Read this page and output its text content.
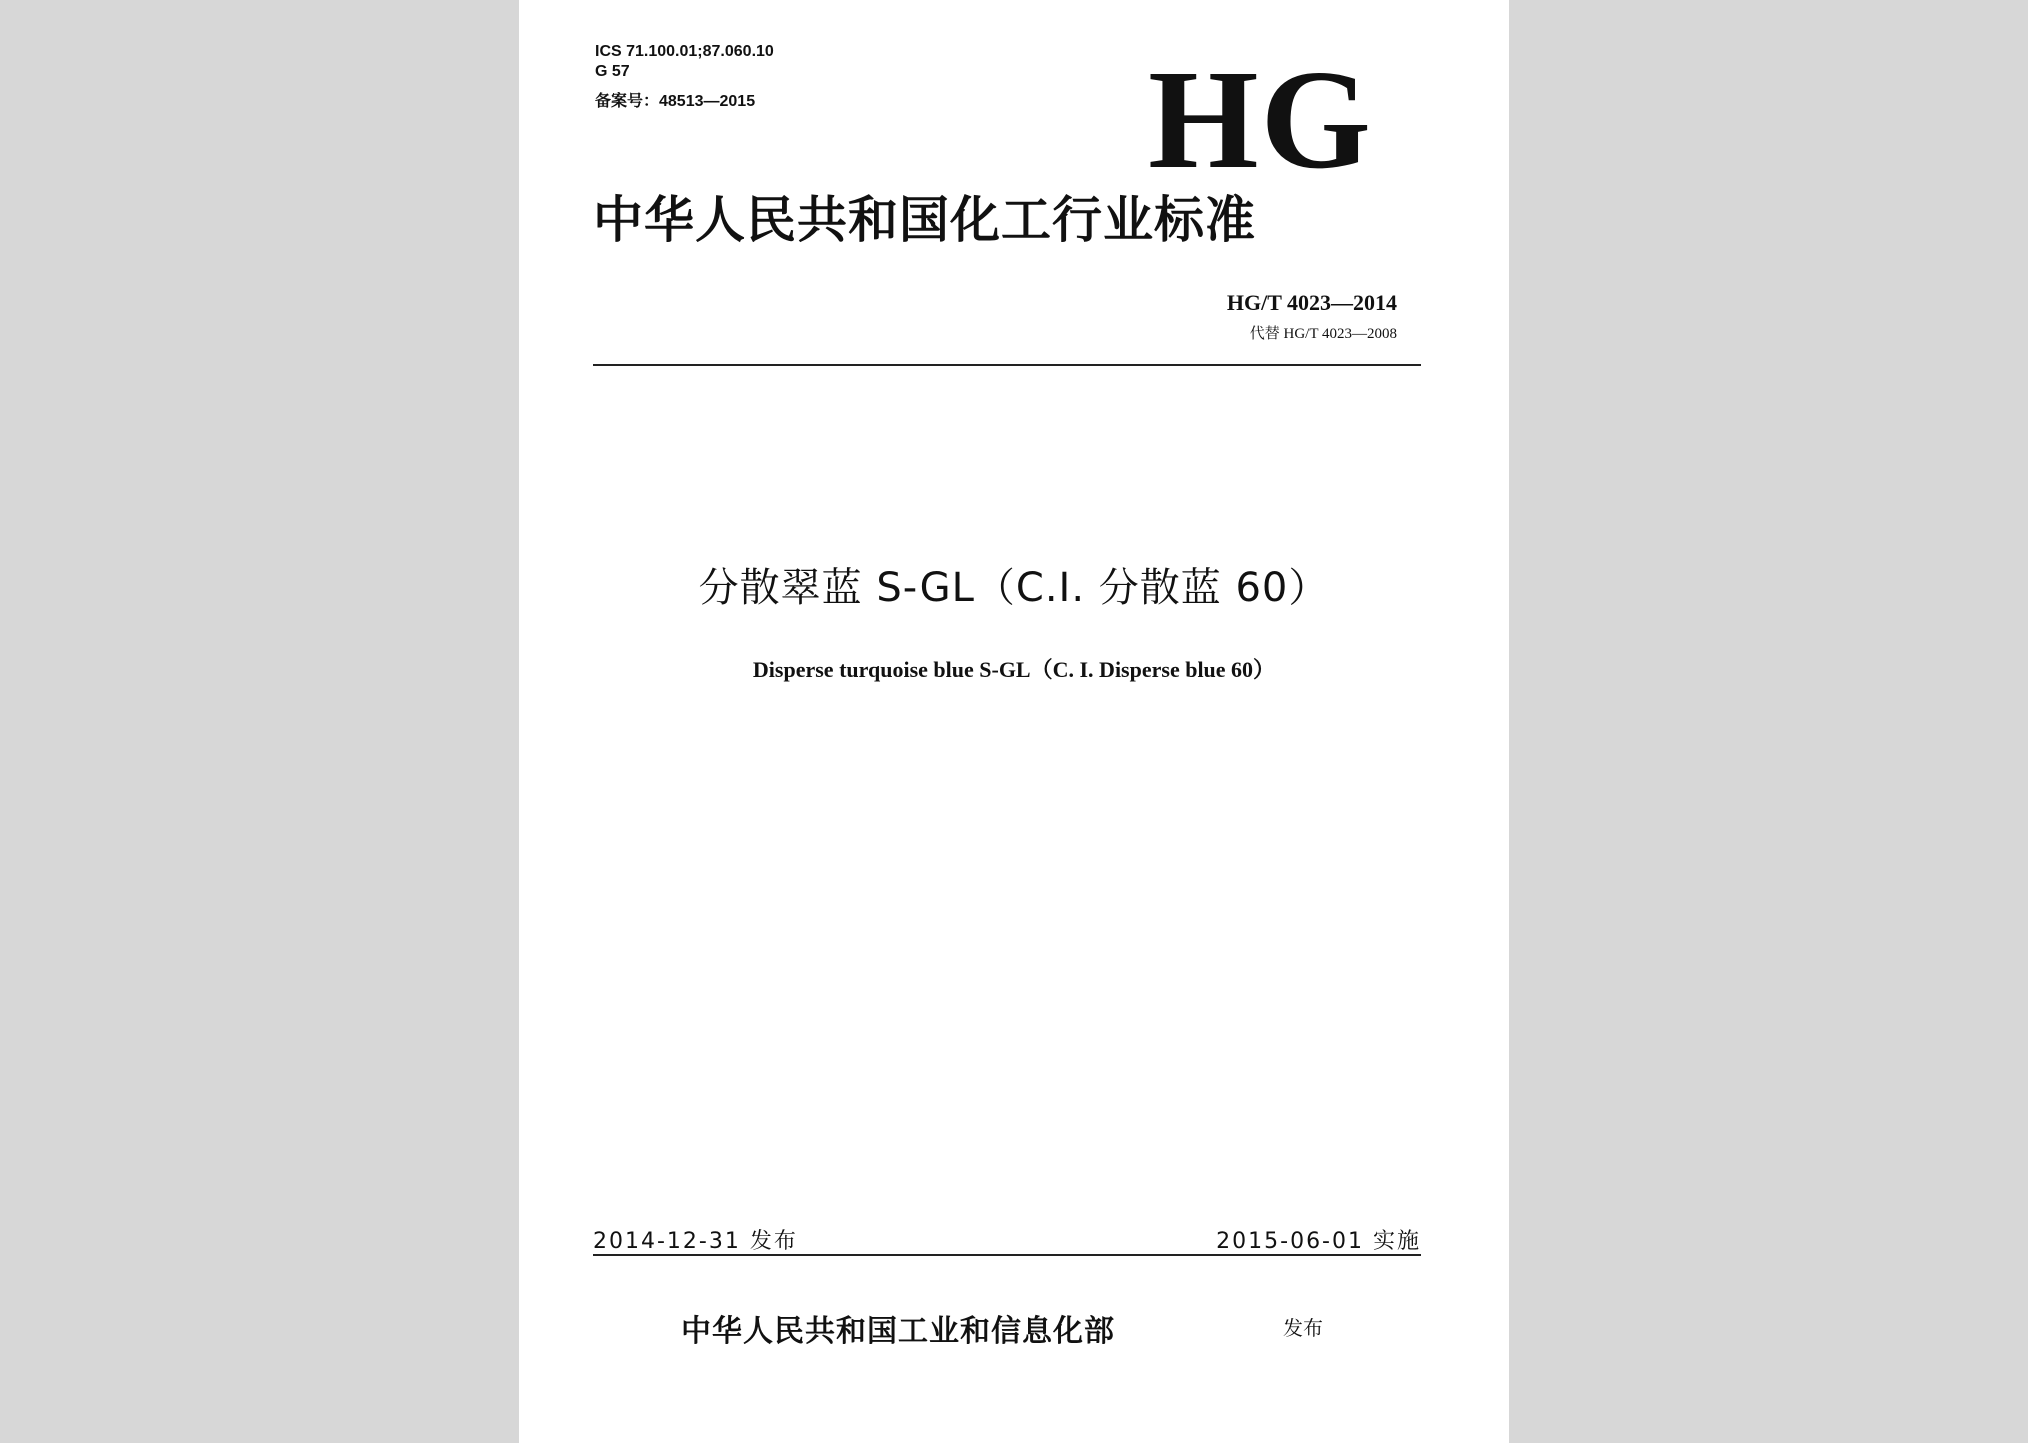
ICS 71.100.01;87.060.10
G 57
备案号：48513—2015	HG
中华人民共和国化工行业标准
HG/T 4023—2014
代替 HG/T 4023—2008
分散翠蓝 S-GL（C.I. 分散蓝 60）
Disperse turquoise blue S-GL（C. I. Disperse blue 60）
2014-12-31 发布	2015-06-01 实施
中华人民共和国工业和信息化部	发布
